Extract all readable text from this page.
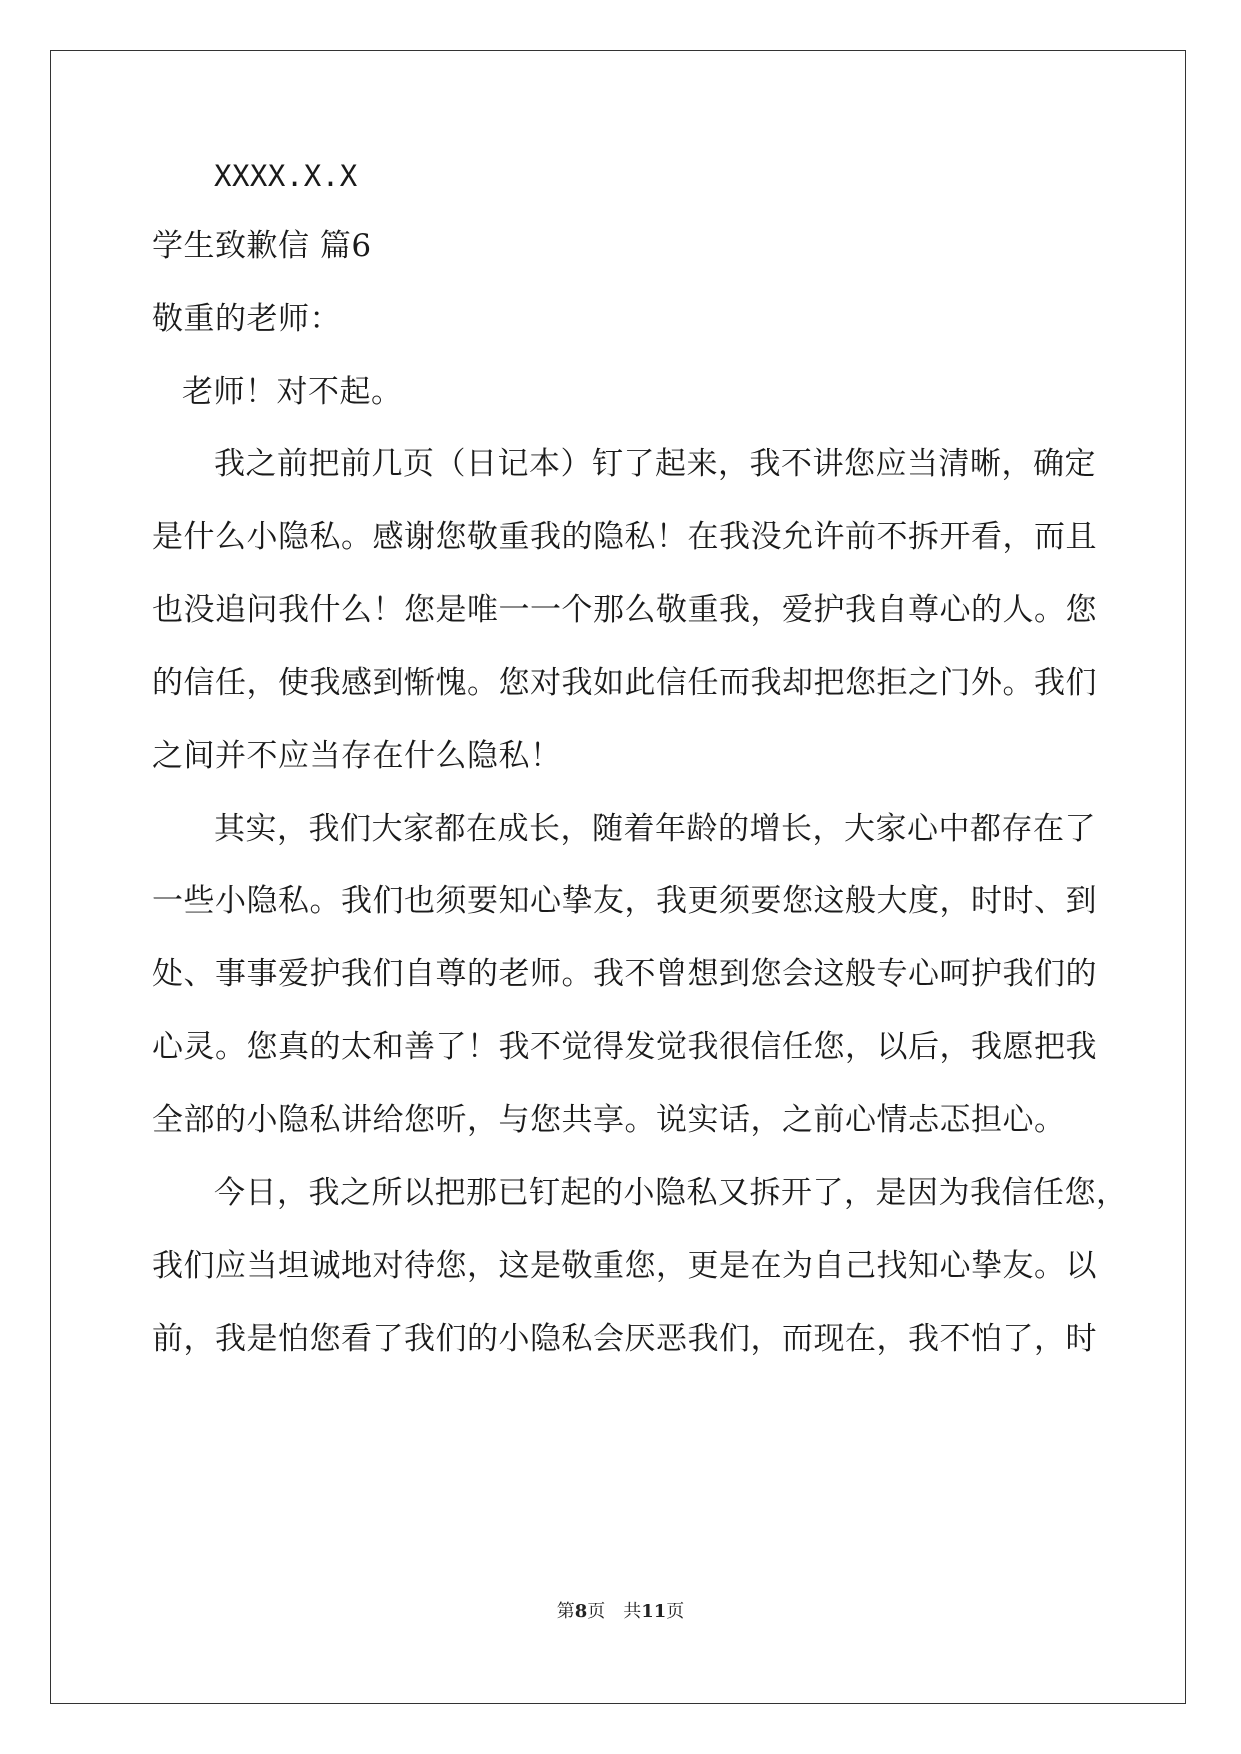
XXXX.X.X
学生致歉信 篇6
敬重的老师：
老师！对不起。
我之前把前几页（日记本）钉了起来，我不讲您应当清晰，确定
是什么小隐私。感谢您敬重我的隐私！在我没允许前不拆开看，而且
也没追问我什么！您是唯一一个那么敬重我，爱护我自尊心的人。您
的信任，使我感到惭愧。您对我如此信任而我却把您拒之门外。我们
之间并不应当存在什么隐私！
其实，我们大家都在成长，随着年龄的增长，大家心中都存在了
一些小隐私。我们也须要知心挚友，我更须要您这般大度，时时、到
处、事事爱护我们自尊的老师。我不曾想到您会这般专心呵护我们的
心灵。您真的太和善了！我不觉得发觉我很信任您，以后，我愿把我
全部的小隐私讲给您听，与您共享。说实话，之前心情忐忑担心。
今日，我之所以把那已钉起的小隐私又拆开了，是因为我信任您，
我们应当坦诚地对待您，这是敬重您，更是在为自己找知心挚友。以
前，我是怕您看了我们的小隐私会厌恶我们，而现在，我不怕了，时
第8页　共11页
